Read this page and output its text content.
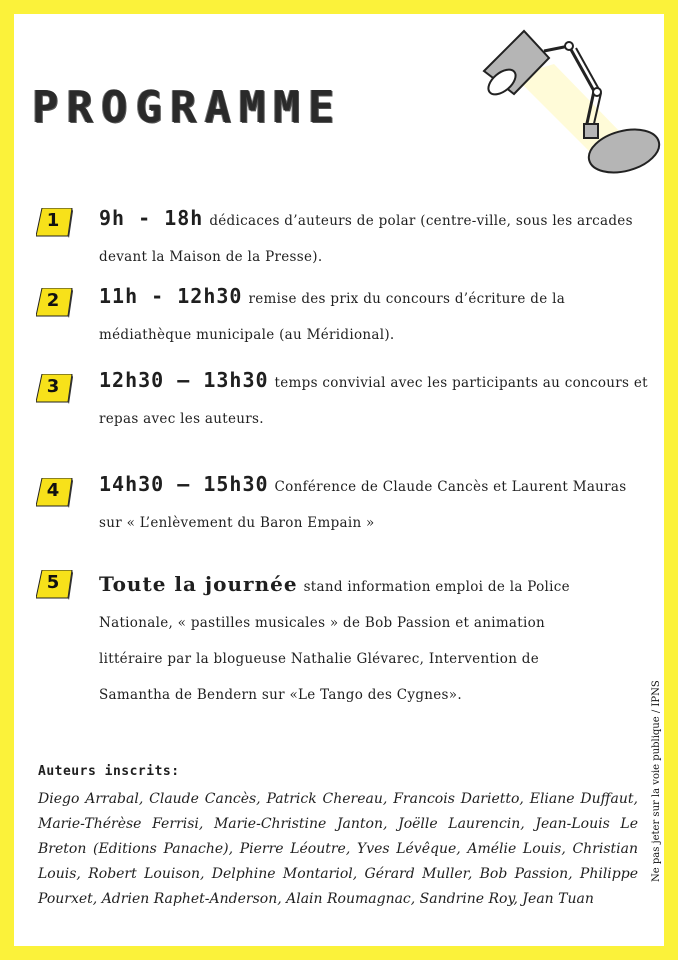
PROGRAMME
1	9h - 18h dédicaces d’auteurs de polar (centre-ville, sous les arcades devant la Maison de la Presse).
2	11h - 12h30 remise des prix du concours d’écriture de la médiathèque municipale (au Méridional).
3	12h30 – 13h30 temps convivial avec les participants au concours et repas avec les auteurs.
4	14h30 – 15h30 Conférence de Claude Cancès et Laurent Mauras sur « L’enlèvement du Baron Empain »
5	Toute la journée stand information emploi de la Police Nationale, « pastilles musicales » de Bob Passion et animation littéraire par la blogueuse Nathalie Glévarec, Intervention de Samantha de Bendern sur «Le Tango des Cygnes».
Auteurs inscrits:
Diego Arrabal, Claude Cancès, Patrick Chereau, Francois Darietto, Eliane Duffaut, Marie-Thérèse Ferrisi, Marie-Christine Janton, Joëlle Laurencin, Jean-Louis Le Breton (Editions Panache), Pierre Léoutre, Yves Lévêque, Amélie Louis, Christian Louis, Robert Louison, Delphine Montariol, Gérard Muller, Bob Passion, Philippe Pourxet, Adrien Raphet-Anderson, Alain Roumagnac, Sandrine Roy, Jean Tuan
Ne pas jeter sur la voie publique / IPNS
